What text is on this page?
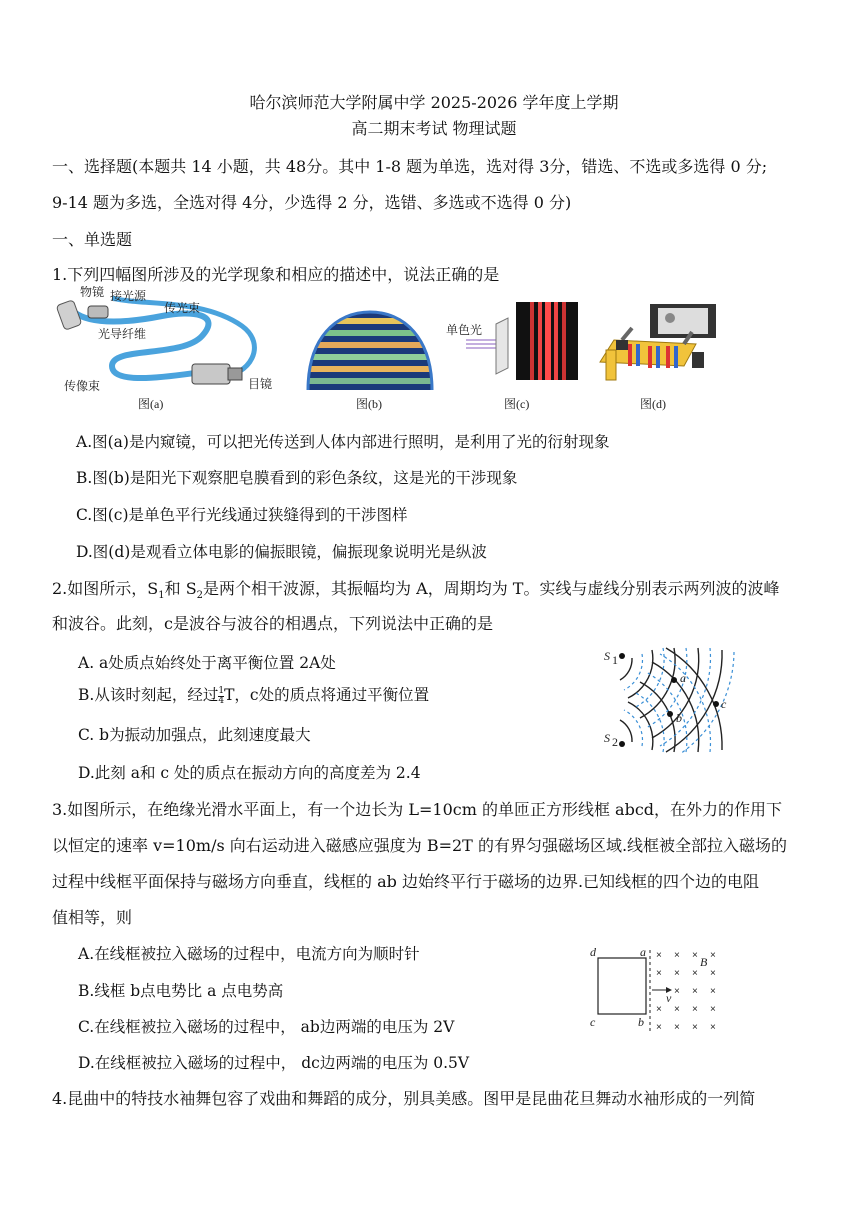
哈尔滨师范大学附属中学 2025-2026 学年度上学期
高二期末考试 物理试题
一、选择题(本题共 14 小题，共 48分。其中 1-8 题为单选，选对得 3分，错选、不选或多选得 0 分;
9-14 题为多选，全选对得 4分，少选得 2 分，选错、多选或不选得 0 分)
一、单选题
1.下列四幅图所涉及的光学现象和相应的描述中，说法正确的是
物镜 接光源
传光束
光导纤维
传像束	目镜
图(a)	图(b)
单色光
图(c)	图(d)
A.图(a)是内窥镜，可以把光传送到人体内部进行照明，是利用了光的衍射现象
B.图(b)是阳光下观察肥皂膜看到的彩色条纹，这是光的干涉现象
C.图(c)是单色平行光线通过狭缝得到的干涉图样
D.图(d)是观看立体电影的偏振眼镜，偏振现象说明光是纵波
2.如图所示，$S_1$和 $S_2$是两个相干波源，其振幅均为 A，周期均为 T。实线与虚线分别表示两列波的波峰
和波谷。此刻，c是波谷与波谷的相遇点，下列说法中正确的是
A. a处质点始终处于离平衡位置 2A处
B.从该时刻起，经过 $\frac{1}{4}$ T，c处的质点将通过平衡位置
C. b为振动加强点，此刻速度最大
D.此刻 a和 c 处的质点在振动方向的高度差为 2.4
S 1
S 2
a
b
c
3.如图所示，在绝缘光滑水平面上，有一个边长为 L=10cm 的单匝正方形线框 abcd，在外力的作用下
以恒定的速率 v=10m/s 向右运动进入磁感应强度为 B=2T 的有界匀强磁场区域.线框被全部拉入磁场的
过程中线框平面保持与磁场方向垂直，线框的 ab 边始终平行于磁场的边界.已知线框的四个边的电阻
值相等，则
A.在线框被拉入磁场的过程中，电流方向为顺时针
B.线框 b点电势比 a 点电势高
C.在线框被拉入磁场的过程中， ab边两端的电压为 2V
D.在线框被拉入磁场的过程中， dc边两端的电压为 0.5V
× × × ×
× × × ×
× × ×
× × × ×
× × × ×
d	a
c	b
B
v
4.昆曲中的特技水袖舞包容了戏曲和舞蹈的成分，别具美感。图甲是昆曲花旦舞动水袖形成的一列简
